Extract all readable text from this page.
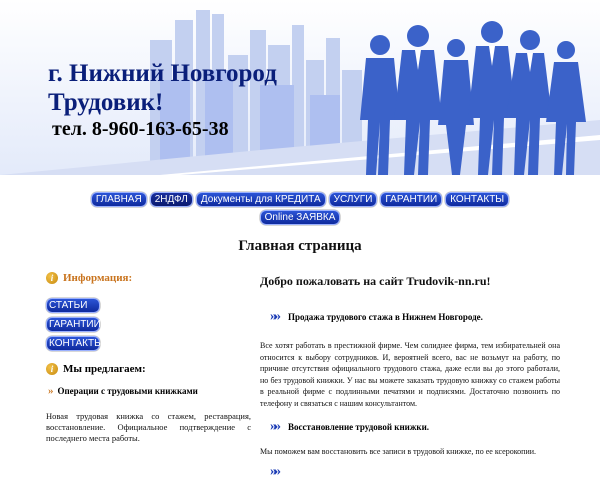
г. Нижний Новгород
Трудовик!
тел. 8-960-163-65-38
ГЛАВНАЯ	2НДФЛ	Документы для КРЕДИТА	УСЛУГИ	ГАРАНТИИ	КОНТАКТЫ
Online ЗАЯВКА
Главная страница
i Информация:
СТАТЬИ
ГАРАНТИИ
КОНТАКТЫ
i Мы предлагаем:
» Операции с трудовыми книжками
Новая трудовая книжка со стажем, реставрация, восстановление. Официальное подтверждение с последнего места работы.
Добро пожаловать на сайт Trudovik-nn.ru!
»» Продажа трудового стажа в Нижнем Новгороде.
Все хотят работать в престижной фирме. Чем солиднее фирма, тем избирательней она относится к выбору сотрудников. И, вероятней всего, вас не возьмут на работу, по причине отсутствия официального трудового стажа, даже если вы до этого работали, но без трудовой книжки. У нас вы можете заказать трудовую книжку со стажем работы в реальной фирме с подлинными печатями и подписями. Достаточно позвонить по телефону и связаться с нашим консультантом.
»» Восстановление трудовой книжки.
Мы поможем вам восстановить все записи в трудовой книжке, по ее ксерокопии.
»»
